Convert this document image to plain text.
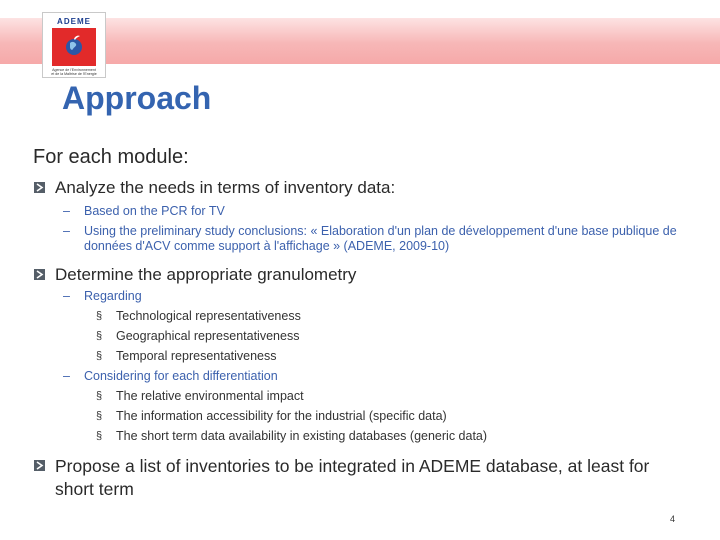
ADEME
Agence de l'Environnement
et de la Maîtrise de l'Energie
Approach
For each module:
Analyze the needs in terms of inventory data:
– Based on the PCR for TV
– Using the preliminary study conclusions: « Elaboration d'un plan de développement d'une base publique de données d'ACV comme support à l'affichage » (ADEME, 2009-10)
Determine the appropriate granulometry
– Regarding
§ Technological representativeness
§ Geographical representativeness
§ Temporal representativeness
– Considering for each differentiation
§ The relative environmental impact
§ The information accessibility for the industrial (specific data)
§ The short term data availability in existing databases (generic data)
Propose a list of inventories to be integrated in ADEME database, at least for short term
4
